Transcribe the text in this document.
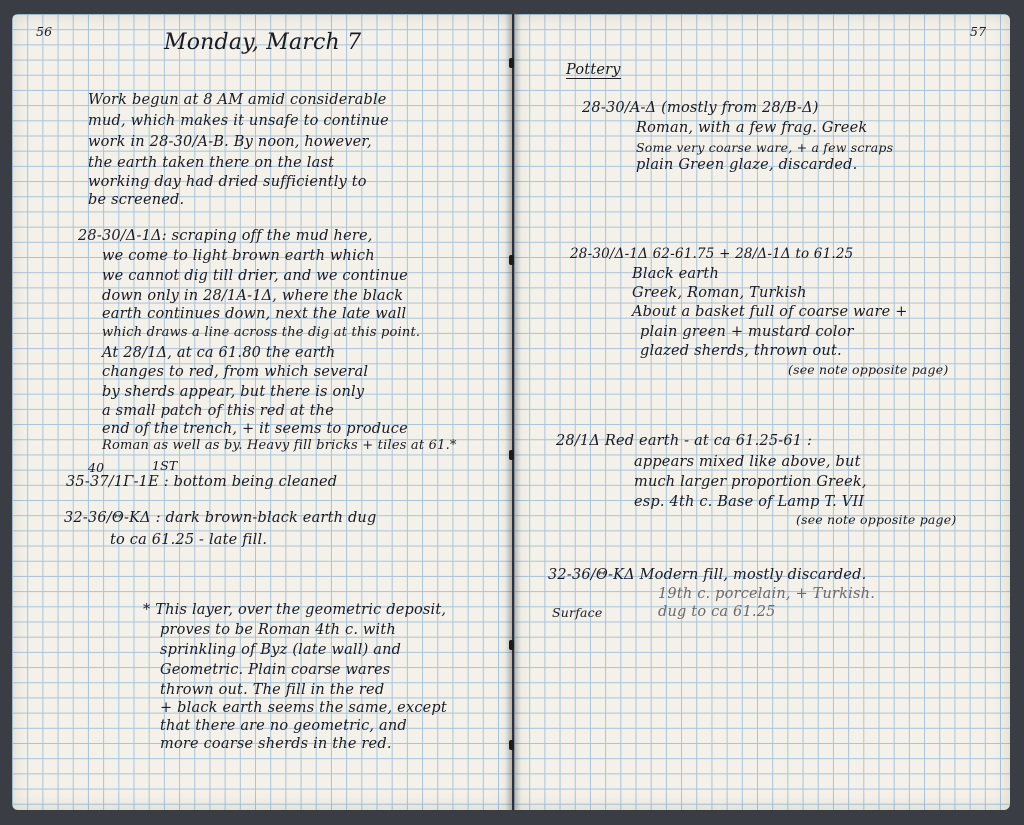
56	Monday, March 7
Work begun at 8 AM amid considerable
mud, which makes it unsafe to continue
work in 28-30/A-B. By noon, however,
the earth taken there on the last
working day had dried sufficiently to
be screened.
28-30/Δ-1Δ: scraping off the mud here,
we come to light brown earth which
we cannot dig till drier, and we continue
down only in 28/1A-1Δ, where the black
earth continues down, next the late wall
which draws a line across the dig at this point.
At 28/1Δ, at ca 61.80 the earth
changes to red, from which several
by sherds appear, but there is only
a small patch of this red at the
end of the trench, + it seems to produce
Roman as well as by. Heavy fill bricks + tiles at 61.*
40	1ST
35-37/1Γ-1Ε : bottom being cleaned
32-36/Θ-ΚΔ : dark brown-black earth dug
to ca 61.25 - late fill.
* This layer, over the geometric deposit,
proves to be Roman 4th c. with
sprinkling of Byz (late wall) and
Geometric. Plain coarse wares
thrown out. The fill in the red
+ black earth seems the same, except
that there are no geometric, and
more coarse sherds in the red.
57
Pottery
28-30/A-Δ (mostly from 28/B-Δ)
Roman, with a few frag. Greek
Some very coarse ware, + a few scraps
plain Green glaze, discarded.
28-30/Δ-1Δ 62-61.75 + 28/Δ-1Δ to 61.25
Black earth
Greek, Roman, Turkish
About a basket full of coarse ware +
plain green + mustard color
glazed sherds, thrown out.
(see note opposite page)
28/1Δ Red earth - at ca 61.25-61 :
appears mixed like above, but
much larger proportion Greek,
esp. 4th c. Base of Lamp T. VII
(see note opposite page)
32-36/Θ-ΚΔ Modern fill, mostly discarded.
19th c. porcelain, + Turkish.
dug to ca 61.25
Surface
